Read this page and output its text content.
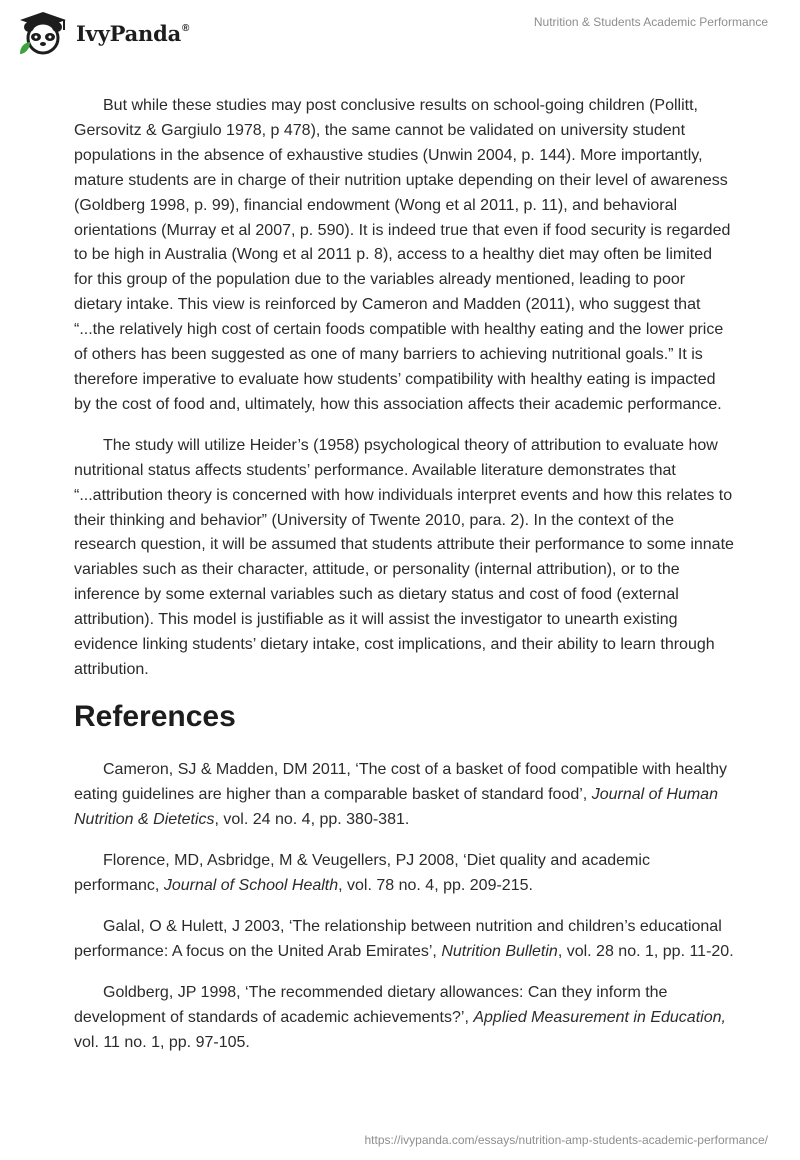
IvyPanda®	Nutrition & Students Academic Performance

But while these studies may post conclusive results on school-going children (Pollitt, Gersovitz & Gargiulo 1978, p 478), the same cannot be validated on university student populations in the absence of exhaustive studies (Unwin 2004, p. 144). More importantly, mature students are in charge of their nutrition uptake depending on their level of awareness (Goldberg 1998, p. 99), financial endowment (Wong et al 2011, p. 11), and behavioral orientations (Murray et al 2007, p. 590). It is indeed true that even if food security is regarded to be high in Australia (Wong et al 2011 p. 8), access to a healthy diet may often be limited for this group of the population due to the variables already mentioned, leading to poor dietary intake. This view is reinforced by Cameron and Madden (2011), who suggest that “...the relatively high cost of certain foods compatible with healthy eating and the lower price of others has been suggested as one of many barriers to achieving nutritional goals.” It is therefore imperative to evaluate how students’ compatibility with healthy eating is impacted by the cost of food and, ultimately, how this association affects their academic performance.

The study will utilize Heider’s (1958) psychological theory of attribution to evaluate how nutritional status affects students’ performance. Available literature demonstrates that “...attribution theory is concerned with how individuals interpret events and how this relates to their thinking and behavior” (University of Twente 2010, para. 2). In the context of the research question, it will be assumed that students attribute their performance to some innate variables such as their character, attitude, or personality (internal attribution), or to the inference by some external variables such as dietary status and cost of food (external attribution). This model is justifiable as it will assist the investigator to unearth existing evidence linking students’ dietary intake, cost implications, and their ability to learn through attribution.

References

Cameron, SJ & Madden, DM 2011, ‘The cost of a basket of food compatible with healthy eating guidelines are higher than a comparable basket of standard food’, Journal of Human Nutrition & Dietetics, vol. 24 no. 4, pp. 380-381.

Florence, MD, Asbridge, M & Veugellers, PJ 2008, ‘Diet quality and academic performanc, Journal of School Health, vol. 78 no. 4, pp. 209-215.

Galal, O & Hulett, J 2003, ‘The relationship between nutrition and children’s educational performance: A focus on the United Arab Emirates’, Nutrition Bulletin, vol. 28 no. 1, pp. 11-20.

Goldberg, JP 1998, ‘The recommended dietary allowances: Can they inform the development of standards of academic achievements?’, Applied Measurement in Education, vol. 11 no. 1, pp. 97-105.

https://ivypanda.com/essays/nutrition-amp-students-academic-performance/
